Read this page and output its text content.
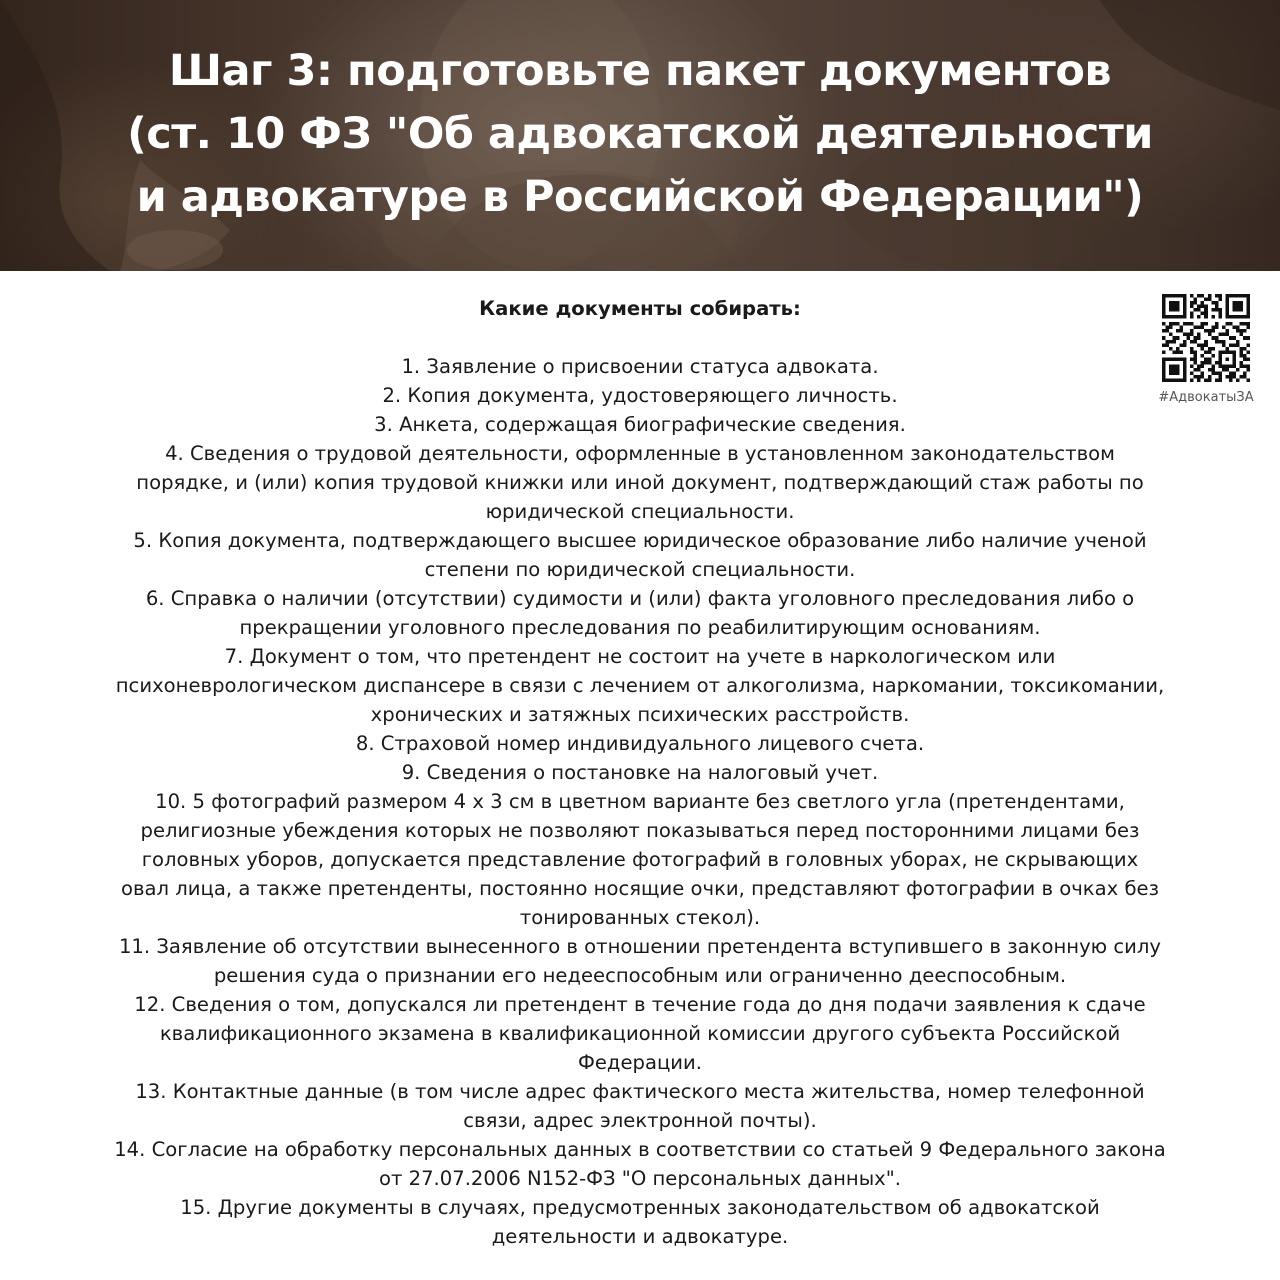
Шаг 3: подготовьте пакет документов
(ст. 10 ФЗ "Об адвокатской деятельности
и адвокатуре в Российской Федерации")
#АдвокатыЗА

Какие документы собирать:

1. Заявление о присвоении статуса адвоката.
2. Копия документа, удостоверяющего личность.
3. Анкета, содержащая биографические сведения.
4. Сведения о трудовой деятельности, оформленные в установленном законодательством
порядке, и (или) копия трудовой книжки или иной документ, подтверждающий стаж работы по
юридической специальности.
5. Копия документа, подтверждающего высшее юридическое образование либо наличие ученой
степени по юридической специальности.
6. Справка о наличии (отсутствии) судимости и (или) факта уголовного преследования либо о
прекращении уголовного преследования по реабилитирующим основаниям.
7. Документ о том, что претендент не состоит на учете в наркологическом или
психоневрологическом диспансере в связи с лечением от алкоголизма, наркомании, токсикомании,
хронических и затяжных психических расстройств.
8. Страховой номер индивидуального лицевого счета.
9. Сведения о постановке на налоговый учет.
10. 5 фотографий размером 4 х 3 см в цветном варианте без светлого угла (претендентами,
религиозные убеждения которых не позволяют показываться перед посторонними лицами без
головных уборов, допускается представление фотографий в головных уборах, не скрывающих
овал лица, а также претенденты, постоянно носящие очки, представляют фотографии в очках без
тонированных стекол).
11. Заявление об отсутствии вынесенного в отношении претендента вступившего в законную силу
решения суда о признании его недееспособным или ограниченно дееспособным.
12. Сведения о том, допускался ли претендент в течение года до дня подачи заявления к сдаче
квалификационного экзамена в квалификационной комиссии другого субъекта Российской
Федерации.
13. Контактные данные (в том числе адрес фактического места жительства, номер телефонной
связи, адрес электронной почты).
14. Согласие на обработку персональных данных в соответствии со статьей 9 Федерального закона
от 27.07.2006 N152-ФЗ "О персональных данных".
15. Другие документы в случаях, предусмотренных законодательством об адвокатской
деятельности и адвокатуре.
